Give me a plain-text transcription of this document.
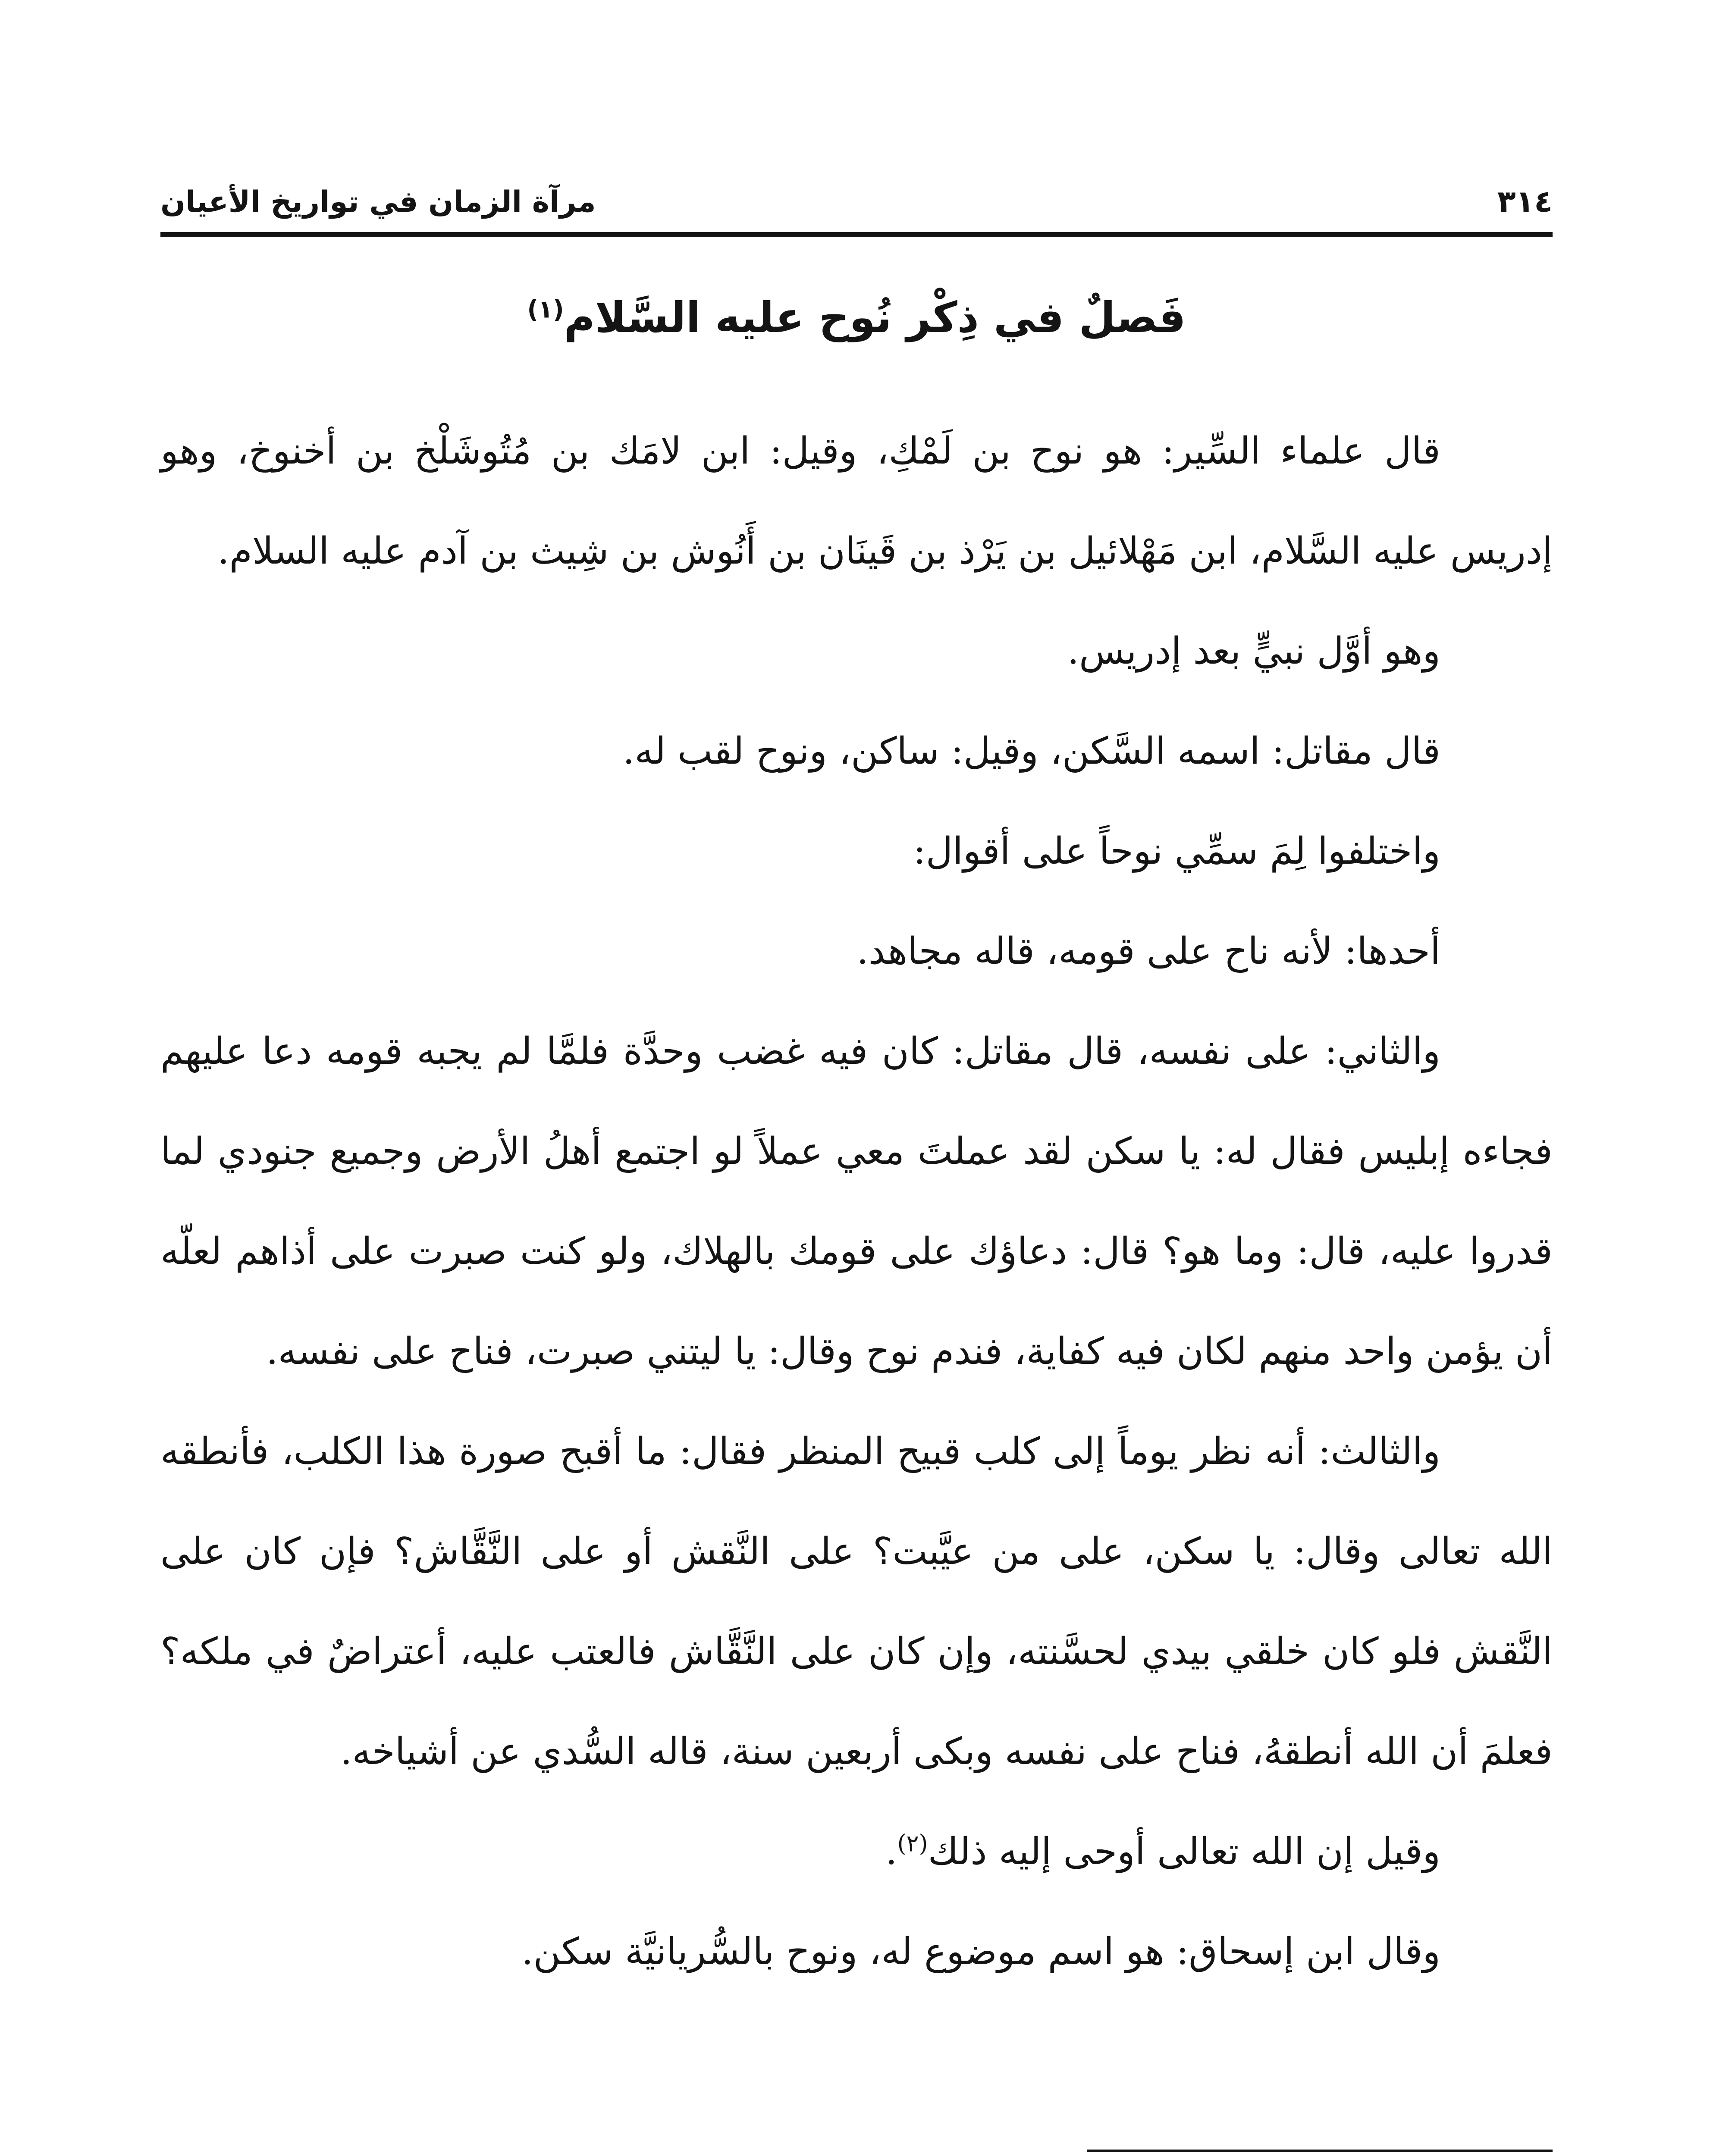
٣١٤
مرآة الزمان في تواريخ الأعيان
فَصلٌ في ذِكْر نُوح عليه السَّلام$^{(١)}$

قال علماء السِّير: هو نوح بن لَمْكِ، وقيل: ابن لامَك بن مُتُوشَلْخ بن أخنوخ، وهو إدريس عليه السَّلام، ابن مَهْلائيل بن يَرْذ بن قَينَان بن أَنُوش بن شِيث بن آدم عليه السلام.

وهو أوَّل نبيٍّ بعد إدريس.

قال مقاتل: اسمه السَّكن، وقيل: ساكن، ونوح لقب له.

واختلفوا لِمَ سمِّي نوحاً على أقوال:

أحدها: لأنه ناح على قومه، قاله مجاهد.

والثاني: على نفسه، قال مقاتل: كان فيه غضب وحدَّة فلمَّا لم يجبه قومه دعا عليهم فجاءه إبليس فقال له: يا سكن لقد عملتَ معي عملاً لو اجتمع أهلُ الأرض وجميع جنودي لما قدروا عليه، قال: وما هو؟ قال: دعاؤك على قومك بالهلاك، ولو كنت صبرت على أذاهم لعلّه أن يؤمن واحد منهم لكان فيه كفاية، فندم نوح وقال: يا ليتني صبرت، فناح على نفسه.

والثالث: أنه نظر يوماً إلى كلب قبيح المنظر فقال: ما أقبح صورة هذا الكلب، فأنطقه الله تعالى وقال: يا سكن، على من عيَّبت؟ على النَّقش أو على النَّقَّاش؟ فإن كان على النَّقش فلو كان خلقي بيدي لحسَّنته، وإن كان على النَّقَّاش فالعتب عليه، أعتراضٌ في ملكه؟ فعلمَ أن الله أنطقهُ، فناح على نفسه وبكى أربعين سنة، قاله السُّدي عن أشياخه.

وقيل إن الله تعالى أوحى إليه ذلك$^{(٢)}$.

وقال ابن إسحاق: هو اسم موضوع له، ونوح بالسُّريانيَّة سكن.
